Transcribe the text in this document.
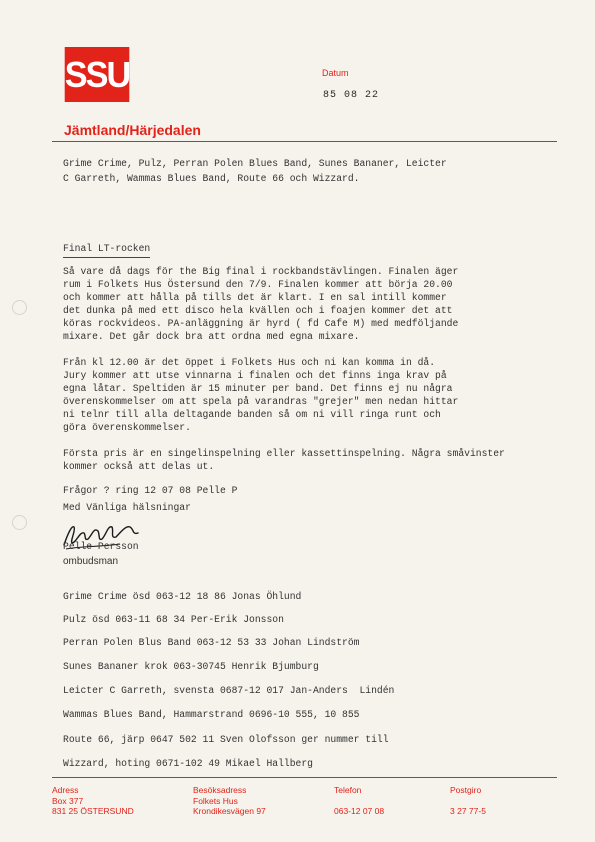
SSU
Jämtland/Härjedalen
Datum
85 08 22
Grime Crime, Pulz, Perran Polen Blues Band, Sunes Bananer, Leicter
C Garreth, Wammas Blues Band, Route 66 och Wizzard.
Final LT-rocken
Så vare då dags för the Big final i rockbandstävlingen. Finalen äger
rum i Folkets Hus Östersund den 7/9. Finalen kommer att börja 20.00
och kommer att hålla på tills det är klart. I en sal intill kommer
det dunka på med ett disco hela kvällen och i foajen kommer det att
köras rockvideos. PA-anläggning är hyrd ( fd Cafe M) med medföljande
mixare. Det går dock bra att ordna med egna mixare.
Från kl 12.00 är det öppet i Folkets Hus och ni kan komma in då.
Jury kommer att utse vinnarna i finalen och det finns inga krav på
egna låtar. Speltiden är 15 minuter per band. Det finns ej nu några
överenskommelser om att spela på varandras "grejer" men nedan hittar
ni telnr till alla deltagande banden så om ni vill ringa runt och
göra överenskommelser.
Första pris är en singelinspelning eller kassettinspelning. Några småvinster
kommer också att delas ut.
Frågor ? ring 12 07 08 Pelle P
Med Vänliga hälsningar
Pelle Persson
ombudsman
Grime Crime ösd 063-12 18 86 Jonas Öhlund
Pulz ösd 063-11 68 34 Per-Erik Jonsson
Perran Polen Blus Band 063-12 53 33 Johan Lindström
Sunes Bananer krok 063-30745 Henrik Bjumburg
Leicter C Garreth, svensta 0687-12 017 Jan-Anders  Lindén
Wammas Blues Band, Hammarstrand 0696-10 555, 10 855
Route 66, järp 0647 502 11 Sven Olofsson ger nummer till
Wizzard, hoting 0671-102 49 Mikael Hallberg
Adress
Box 377
831 25 ÖSTERSUND
Besöksadress
Folkets Hus
Krondikesvägen 97
Telefon
063-12 07 08
Postgiro
3 27 77-5
